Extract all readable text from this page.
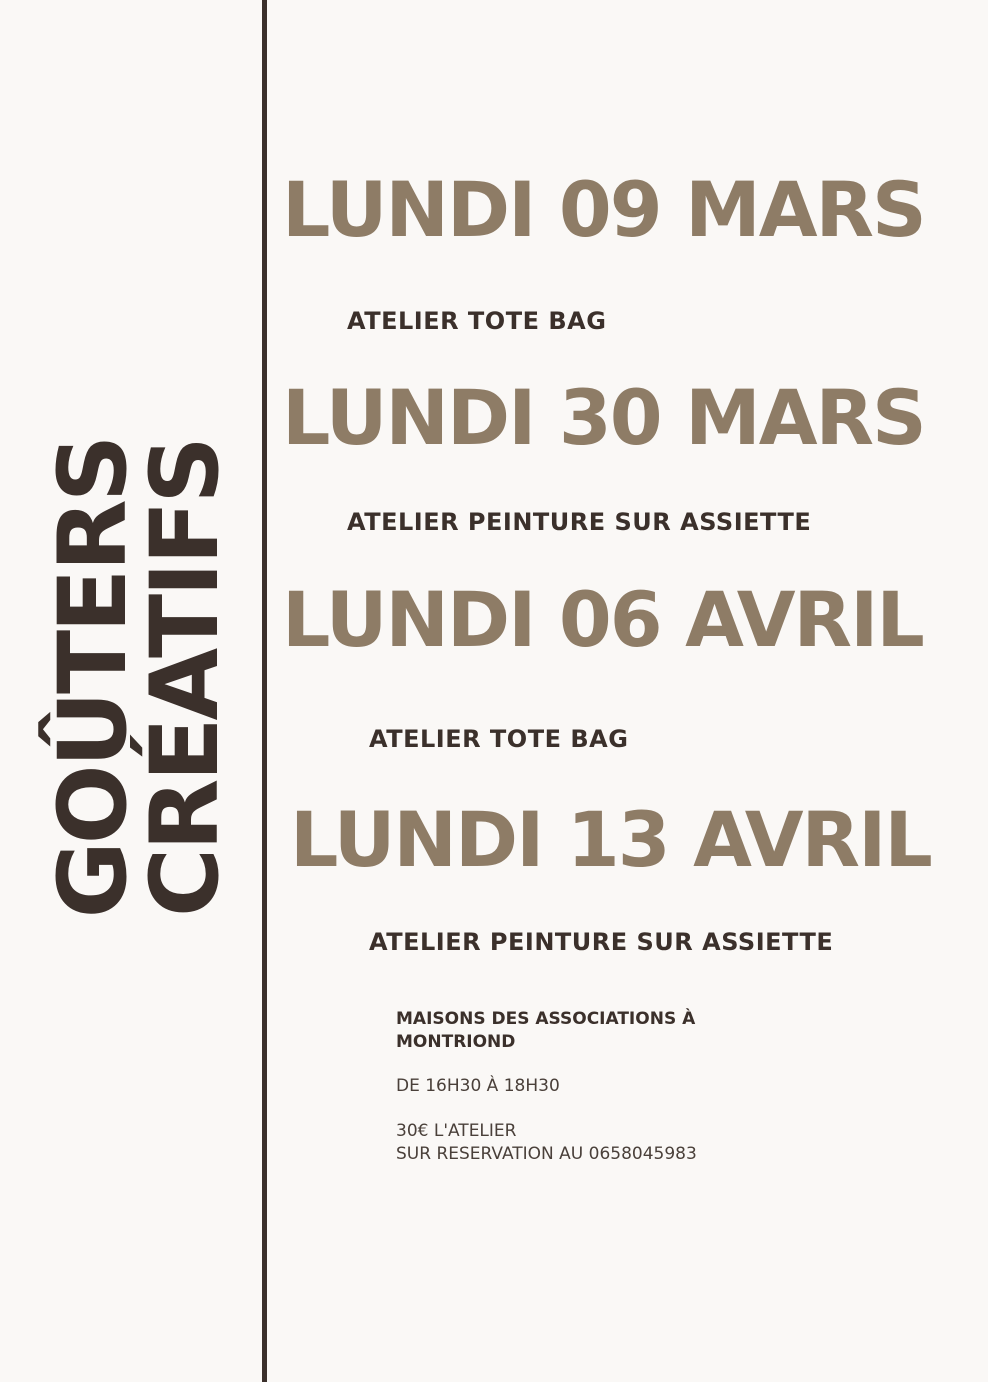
GOÛTERS
CRÉATIFS
LUNDI 09 MARS
ATELIER TOTE BAG
LUNDI 30 MARS
ATELIER PEINTURE SUR ASSIETTE
LUNDI 06 AVRIL
ATELIER TOTE BAG
LUNDI 13 AVRIL
ATELIER PEINTURE SUR ASSIETTE
MAISONS DES ASSOCIATIONS À MONTRIOND
DE 16H30 À 18H30
30€ L'ATELIER
SUR RESERVATION AU 0658045983
